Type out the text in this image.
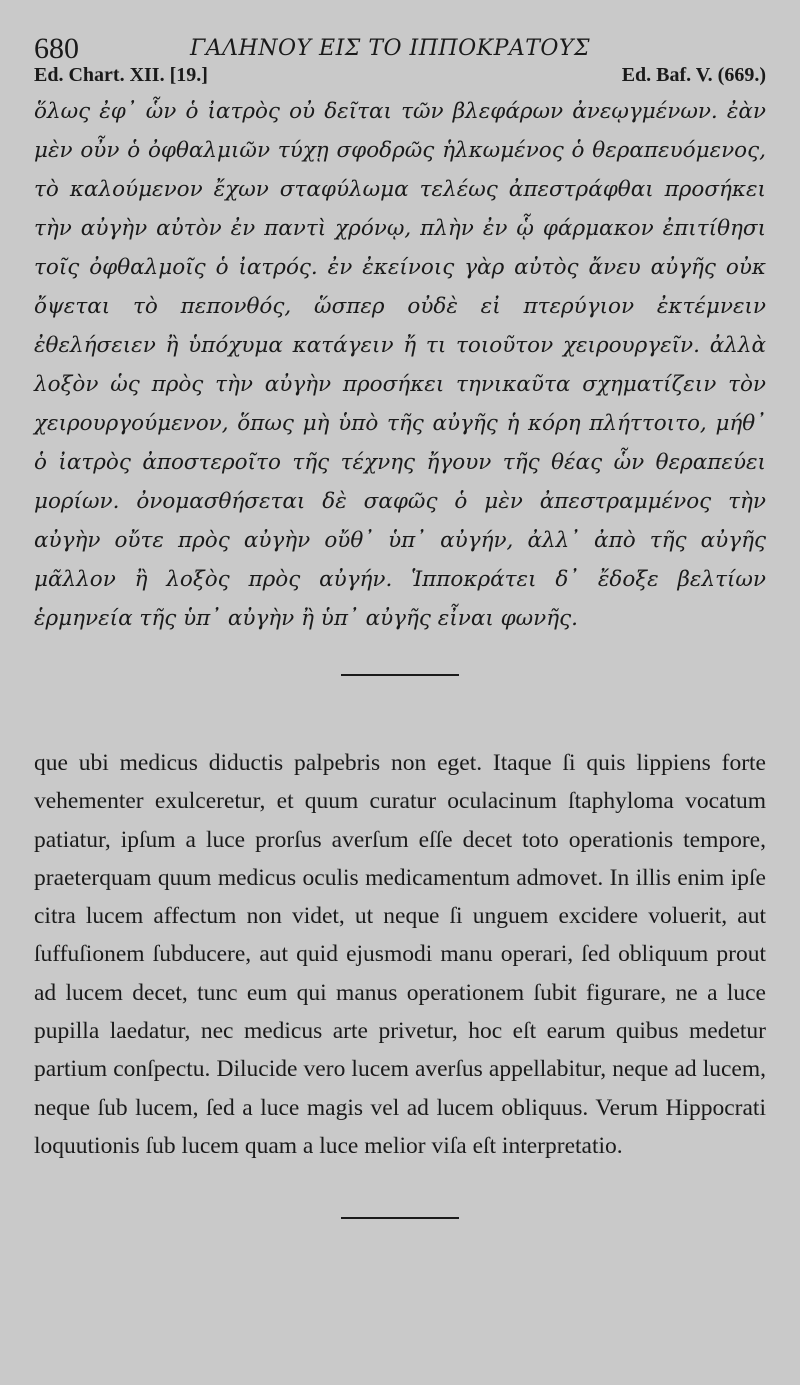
680	ΓΑΛΗΝΟΥ ΕΙΣ ΤΟ ΙΠΠΟΚΡΑΤΟΥΣ
Ed. Chart. XII. [19.]	Ed. Baf. V. (669.)

ὅλως ἐφ᾽ ὧν ὁ ἰατρὸς οὐ δεῖται τῶν βλεφάρων ἀνεῳγμένων. ἐὰν μὲν οὖν ὁ ὀφθαλμιῶν τύχῃ σφοδρῶς ἡλκωμένος ὁ θεραπευόμενος, τὸ καλούμενον ἔχων σταφύλωμα τελέως ἀπεστράφθαι προσήκει τὴν αὐγὴν αὐτὸν ἐν παντὶ χρόνῳ, πλὴν ἐν ᾧ φάρμακον ἐπιτίθησι τοῖς ὀφθαλμοῖς ὁ ἰατρός. ἐν ἐκείνοις γὰρ αὐτὸς ἄνευ αὐγῆς οὐκ ὄψεται τὸ πεπονθός, ὥσπερ οὐδὲ εἰ πτερύγιον ἐκτέμνειν ἐθελήσειεν ἢ ὑπόχυμα κατάγειν ἤ τι τοιοῦτον χειρουργεῖν. ἀλλὰ λοξὸν ὡς πρὸς τὴν αὐγὴν προσήκει τηνικαῦτα σχηματίζειν τὸν χειρουργούμενον, ὅπως μὴ ὑπὸ τῆς αὐγῆς ἡ κόρη πλήττοιτο, μήθ᾽ ὁ ἰατρὸς ἀποστεροῖτο τῆς τέχνης ἤγουν τῆς θέας ὧν θεραπεύει μορίων. ὀνομασθήσεται δὲ σαφῶς ὁ μὲν ἀπεστραμμένος τὴν αὐγὴν οὔτε πρὸς αὐγὴν οὔθ᾽ ὑπ᾽ αὐγήν, ἀλλ᾽ ἀπὸ τῆς αὐγῆς μᾶλλον ἢ λοξὸς πρὸς αὐγήν. Ἱπποκράτει δ᾽ ἔδοξε βελτίων ἑρμηνεία τῆς ὑπ᾽ αὐγὴν ἢ ὑπ᾽ αὐγῆς εἶναι φωνῆς.

que ubi medicus diductis palpebris non eget. Itaque ſi quis lippiens forte vehementer exulceretur, et quum curatur oculacinum ſtaphyloma vocatum patiatur, ipſum a luce prorſus averſum eſſe decet toto operationis tempore, praeterquam quum medicus oculis medicamentum admovet. In illis enim ipſe citra lucem affectum non videt, ut neque ſi unguem excidere voluerit, aut ſuffuſionem ſubducere, aut quid ejusmodi manu operari, ſed obliquum prout ad lucem decet, tunc eum qui manus operationem ſubit figurare, ne a luce pupilla laedatur, nec medicus arte privetur, hoc eſt earum quibus medetur partium conſpectu. Dilucide vero lucem averſus appellabitur, neque ad lucem, neque ſub lucem, ſed a luce magis vel ad lucem obliquus. Verum Hippocrati loquutionis ſub lucem quam a luce melior viſa eſt interpretatio.
